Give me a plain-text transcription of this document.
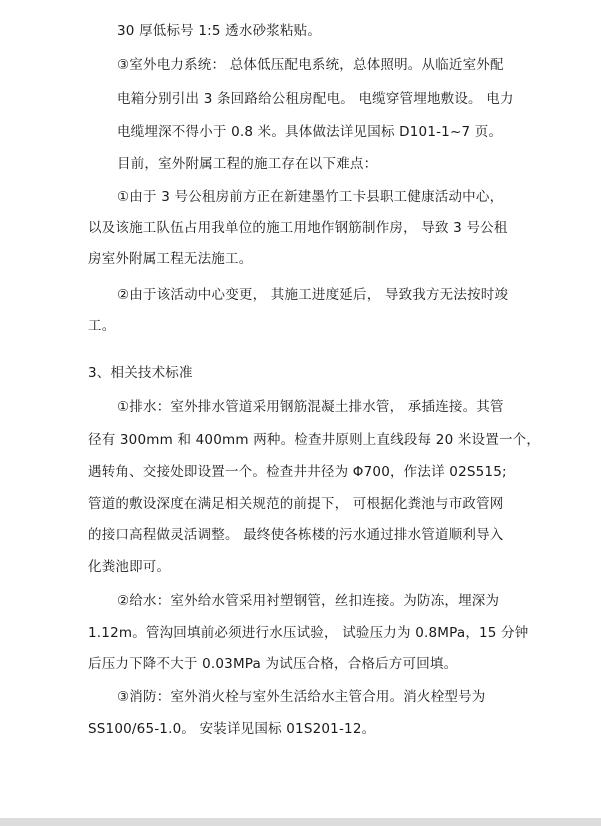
30 厚低标号 1:5 透水砂浆粘贴。
③室外电力系统： 总体低压配电系统，总体照明。从临近室外配
电箱分别引出 3 条回路给公租房配电。 电缆穿管埋地敷设。 电力
电缆埋深不得小于 0.8 米。具体做法详见国标 D101-1~7 页。
目前，室外附属工程的施工存在以下难点：
①由于 3 号公租房前方正在新建墨竹工卡县职工健康活动中心，
以及该施工队伍占用我单位的施工用地作钢筋制作房， 导致 3 号公租
房室外附属工程无法施工。
②由于该活动中心变更， 其施工进度延后， 导致我方无法按时竣
工。
3、相关技术标准
①排水：室外排水管道采用钢筋混凝土排水管， 承插连接。其管
径有 300mm 和 400mm 两种。检查井原则上直线段每 20 米设置一个，
遇转角、交接处即设置一个。检查井井径为 Φ700，作法详 02S515;
管道的敷设深度在满足相关规范的前提下， 可根据化粪池与市政管网
的接口高程做灵活调整。 最终使各栋楼的污水通过排水管道顺利导入
化粪池即可。
②给水：室外给水管采用衬塑钢管，丝扣连接。为防冻，埋深为
1.12m。管沟回填前必须进行水压试验， 试验压力为 0.8MPa，15 分钟
后压力下降不大于 0.03MPa 为试压合格，合格后方可回填。
③消防：室外消火栓与室外生活给水主管合用。消火栓型号为
SS100/65-1.0。 安装详见国标 01S201-12。
